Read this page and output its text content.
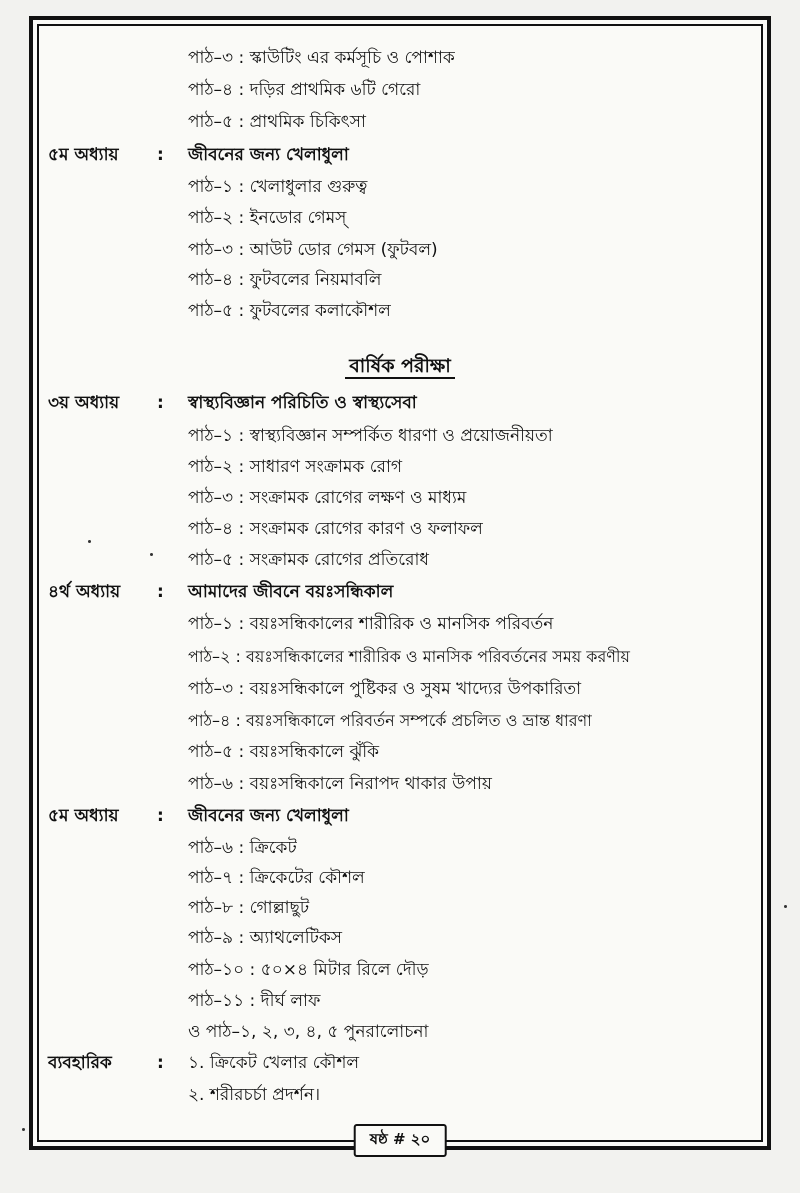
পাঠ–৩ : স্কাউটিং এর কর্মসূচি ও পোশাক
পাঠ–৪ : দড়ির প্রাথমিক ৬টি গেরো
পাঠ–৫ : প্রাথমিক চিকিৎসা
৫ম অধ্যায় : জীবনের জন্য খেলাধুলা
পাঠ–১ : খেলাধুলার গুরুত্ব
পাঠ–২ : ইনডোর গেমস্
পাঠ–৩ : আউট ডোর গেমস (ফুটবল)
পাঠ–৪ : ফুটবলের নিয়মাবলি
পাঠ–৫ : ফুটবলের কলাকৌশল
বার্ষিক পরীক্ষা
৩য় অধ্যায় : স্বাস্থ্যবিজ্ঞান পরিচিতি ও স্বাস্থ্যসেবা
পাঠ–১ : স্বাস্থ্যবিজ্ঞান সম্পর্কিত ধারণা ও প্রয়োজনীয়তা
পাঠ–২ : সাধারণ সংক্রামক রোগ
পাঠ–৩ : সংক্রামক রোগের লক্ষণ ও মাধ্যম
পাঠ–৪ : সংক্রামক রোগের কারণ ও ফলাফল
পাঠ–৫ : সংক্রামক রোগের প্রতিরোধ
৪র্থ অধ্যায় : আমাদের জীবনে বয়ঃসন্ধিকাল
পাঠ–১ : বয়ঃসন্ধিকালের শারীরিক ও মানসিক পরিবর্তন
পাঠ–২ : বয়ঃসন্ধিকালের শারীরিক ও মানসিক পরিবর্তনের সময় করণীয়
পাঠ–৩ : বয়ঃসন্ধিকালে পুষ্টিকর ও সুষম খাদ্যের উপকারিতা
পাঠ–৪ : বয়ঃসন্ধিকালে পরিবর্তন সম্পর্কে প্রচলিত ও ভ্রান্ত ধারণা
পাঠ–৫ : বয়ঃসন্ধিকালে ঝুঁকি
পাঠ–৬ : বয়ঃসন্ধিকালে নিরাপদ থাকার উপায়
৫ম অধ্যায় : জীবনের জন্য খেলাধুলা
পাঠ–৬ : ক্রিকেট
পাঠ–৭ : ক্রিকেটের কৌশল
পাঠ–৮ : গোল্লাছুট
পাঠ–৯ : অ্যাথলেটিকস
পাঠ–১০ : ৫০×৪ মিটার রিলে দৌড়
পাঠ–১১ : দীর্ঘ লাফ
ও পাঠ–১, ২, ৩, ৪, ৫ পুনরালোচনা
ব্যবহারিক	: ১. ক্রিকেট খেলার কৌশল
২. শরীরচর্চা প্রদর্শন।
ষষ্ঠ # ২০
